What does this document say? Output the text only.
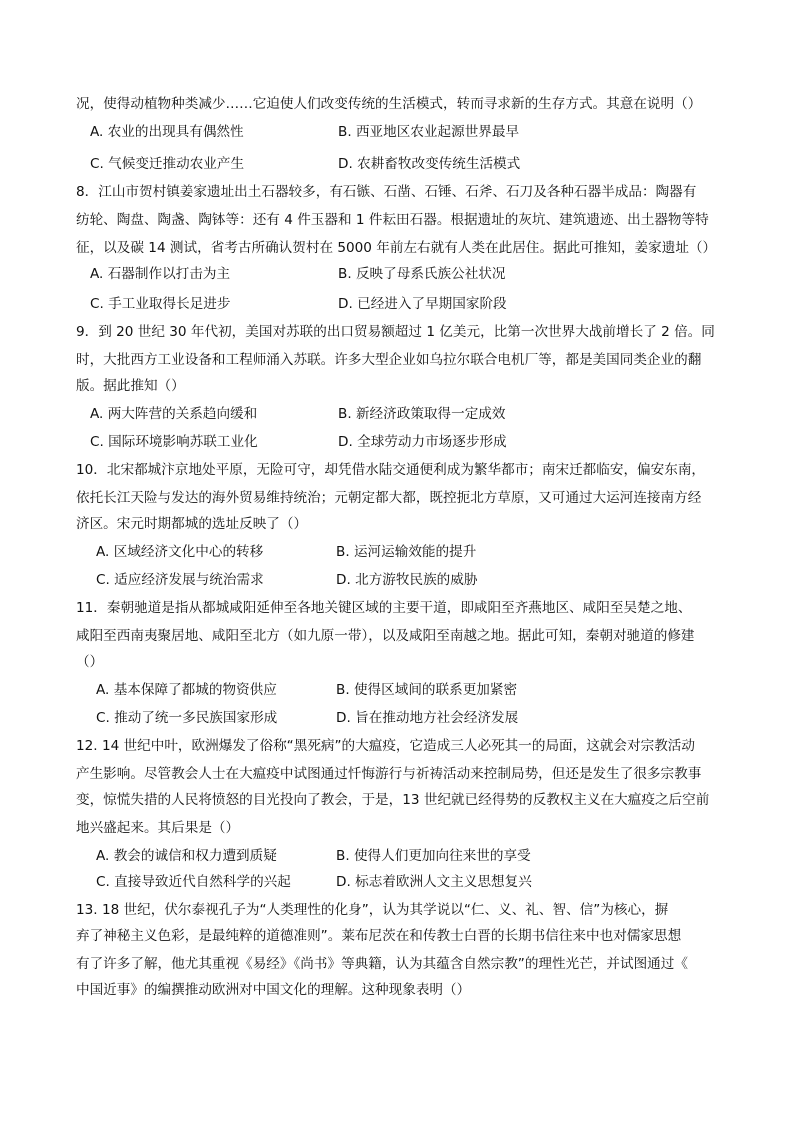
况，使得动植物种类减少……它迫使人们改变传统的生活模式，转而寻求新的生存方式。其意在说明（）
A. 农业的出现具有偶然性	B. 西亚地区农业起源世界最早
C. 气候变迁推动农业产生	D. 农耕畜牧改变传统生活模式
8．江山市贺村镇姜家遗址出土石器较多，有石镞、石凿、石锤、石斧、石刀及各种石器半成品：陶器有
纺轮、陶盘、陶盏、陶钵等：还有 4 件玉器和 1 件耘田石器。根据遗址的灰坑、建筑遗迹、出土器物等特
征，以及碳 14 测试，省考古所确认贺村在 5000 年前左右就有人类在此居住。据此可推知，姜家遗址（）
A. 石器制作以打击为主	B. 反映了母系氏族公社状况
C. 手工业取得长足进步	D. 已经进入了早期国家阶段
9．到 20 世纪 30 年代初，美国对苏联的出口贸易额超过 1 亿美元，比第一次世界大战前增长了 2 倍。同
时，大批西方工业设备和工程师涌入苏联。许多大型企业如乌拉尔联合电机厂等，都是美国同类企业的翻
版。据此推知（）
A. 两大阵营的关系趋向缓和	B. 新经济政策取得一定成效
C. 国际环境影响苏联工业化	D. 全球劳动力市场逐步形成
10．北宋都城汴京地处平原，无险可守，却凭借水陆交通便利成为繁华都市；南宋迁都临安，偏安东南，
依托长江天险与发达的海外贸易维持统治；元朝定都大都，既控扼北方草原，又可通过大运河连接南方经
济区。宋元时期都城的选址反映了（）
A. 区域经济文化中心的转移	B. 运河运输效能的提升
C. 适应经济发展与统治需求	D. 北方游牧民族的威胁
11．秦朝驰道是指从都城咸阳延伸至各地关键区域的主要干道，即咸阳至齐燕地区、咸阳至吴楚之地、
咸阳至西南夷聚居地、咸阳至北方（如九原一带），以及咸阳至南越之地。据此可知，秦朝对驰道的修建
（）
A. 基本保障了都城的物资供应	B. 使得区域间的联系更加紧密
C. 推动了统一多民族国家形成	D. 旨在推动地方社会经济发展
12. 14 世纪中叶，欧洲爆发了俗称“黑死病”的大瘟疫，它造成三人必死其一的局面，这就会对宗教活动
产生影响。尽管教会人士在大瘟疫中试图通过忏悔游行与祈祷活动来控制局势，但还是发生了很多宗教事
变，惊慌失措的人民将愤怒的目光投向了教会，于是，13 世纪就已经得势的反教权主义在大瘟疫之后空前
地兴盛起来。其后果是（）
A. 教会的诚信和权力遭到质疑	B. 使得人们更加向往来世的享受
C. 直接导致近代自然科学的兴起	D. 标志着欧洲人文主义思想复兴
13. 18 世纪，伏尔泰视孔子为“人类理性的化身”，认为其学说以“仁、义、礼、智、信”为核心，摒
弃了神秘主义色彩，是最纯粹的道德准则”。莱布尼茨在和传教士白晋的长期书信往来中也对儒家思想
有了许多了解，他尤其重视《易经》《尚书》等典籍，认为其蕴含自然宗教”的理性光芒，并试图通过《
中国近事》的编撰推动欧洲对中国文化的理解。这种现象表明（）
